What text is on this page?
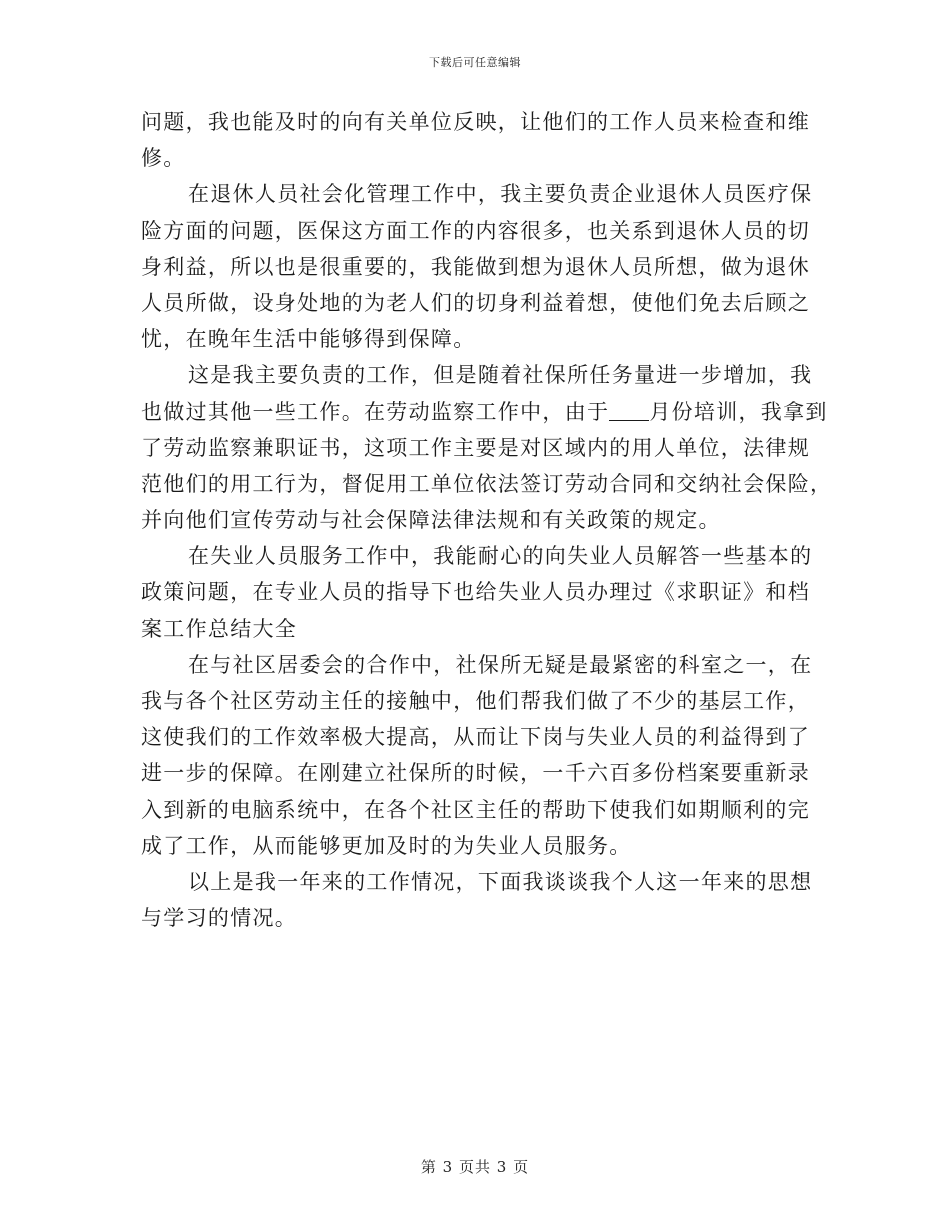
下载后可任意编辑
问题，我也能及时的向有关单位反映，让他们的工作人员来检查和维
修。
在退休人员社会化管理工作中，我主要负责企业退休人员医疗保
险方面的问题，医保这方面工作的内容很多，也关系到退休人员的切
身利益，所以也是很重要的，我能做到想为退休人员所想，做为退休
人员所做，设身处地的为老人们的切身利益着想，使他们免去后顾之
忧，在晚年生活中能够得到保障。
这是我主要负责的工作，但是随着社保所任务量进一步增加，我
也做过其他一些工作。在劳动监察工作中，由于 月份培训，我拿到
了劳动监察兼职证书，这项工作主要是对区域内的用人单位，法律规
范他们的用工行为，督促用工单位依法签订劳动合同和交纳社会保险，
并向他们宣传劳动与社会保障法律法规和有关政策的规定。
在失业人员服务工作中，我能耐心的向失业人员解答一些基本的
政策问题，在专业人员的指导下也给失业人员办理过《求职证》和档
案工作总结大全
在与社区居委会的合作中，社保所无疑是最紧密的科室之一，在
我与各个社区劳动主任的接触中，他们帮我们做了不少的基层工作，
这使我们的工作效率极大提高，从而让下岗与失业人员的利益得到了
进一步的保障。在刚建立社保所的时候，一千六百多份档案要重新录
入到新的电脑系统中，在各个社区主任的帮助下使我们如期顺利的完
成了工作，从而能够更加及时的为失业人员服务。
以上是我一年来的工作情况，下面我谈谈我个人这一年来的思想
与学习的情况。
第 3 页共 3 页
